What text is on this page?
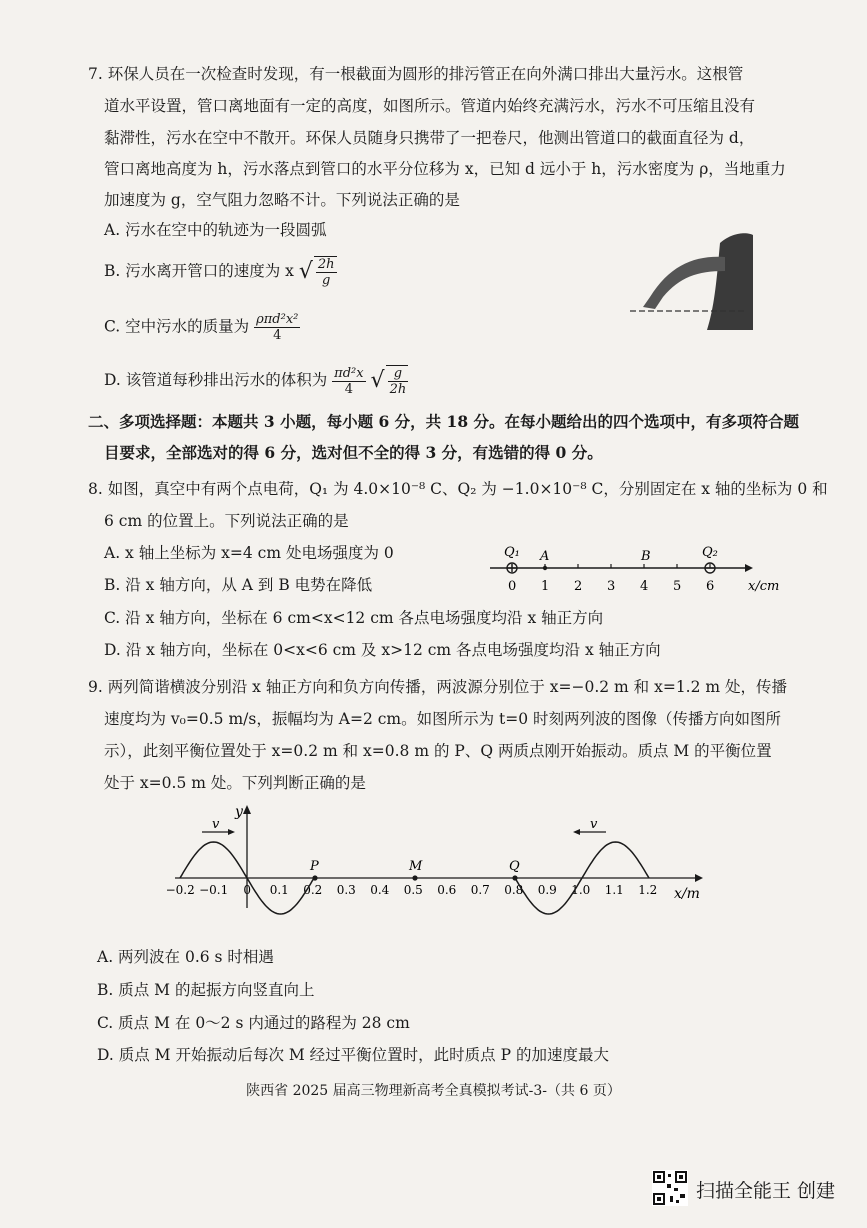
7. 环保人员在一次检查时发现，有一根截面为圆形的排污管正在向外满口排出大量污水。这根管
道水平设置，管口离地面有一定的高度，如图所示。管道内始终充满污水，污水不可压缩且没有
黏滞性，污水在空中不散开。环保人员随身只携带了一把卷尺，他测出管道口的截面直径为 d，
管口离地高度为 h，污水落点到管口的水平分位移为 x，已知 d 远小于 h，污水密度为 ρ，当地重力
加速度为 g，空气阻力忽略不计。下列说法正确的是
A. 污水在空中的轨迹为一段圆弧
B. 污水离开管口的速度为 x √ $\frac{2h}{g}$
C. 空中污水的质量为 $\frac{\text{ρπd²x²}}{4}$
D. 该管道每秒排出污水的体积为 $\frac{\text{πd²x}}{4}$ √ $\frac{g}{2h}$
二、多项选择题：本题共 3 小题，每小题 6 分，共 18 分。在每小题给出的四个选项中，有多项符合题
目要求，全部选对的得 6 分，选对但不全的得 3 分，有选错的得 0 分。
8. 如图，真空中有两个点电荷，Q₁ 为 4.0×10⁻⁸ C、Q₂ 为 −1.0×10⁻⁸ C，分别固定在 x 轴的坐标为 0 和
6 cm 的位置上。下列说法正确的是
A. x 轴上坐标为 x=4 cm 处电场强度为 0
B. 沿 x 轴方向，从 A 到 B 电势在降低
C. 沿 x 轴方向，坐标在 6 cm<x<12 cm 各点电场强度均沿 x 轴正方向
D. 沿 x 轴方向，坐标在 0<x<6 cm 及 x>12 cm 各点电场强度均沿 x 轴正方向
0 1 2 3 4 5 6
Q₁	Q₂
A	B
x/cm
9. 两列简谐横波分别沿 x 轴正方向和负方向传播，两波源分别位于 x=−0.2 m 和 x=1.2 m 处，传播
速度均为 v₀=0.5 m/s，振幅均为 A=2 cm。如图所示为 t=0 时刻两列波的图像（传播方向如图所
示），此刻平衡位置处于 x=0.2 m 和 x=0.8 m 的 P、Q 两质点刚开始振动。质点 M 的平衡位置
处于 x=0.5 m 处。下列判断正确的是
y
x/m
−0.2 −0.1 0 0.1 0.2 0.3 0.4 0.5 0.6 0.7 0.8 0.9 1.0 1.1 1.2
P	M	Q
v	v
A. 两列波在 0.6 s 时相遇
B. 质点 M 的起振方向竖直向上
C. 质点 M 在 0～2 s 内通过的路程为 28 cm
D. 质点 M 开始振动后每次 M 经过平衡位置时，此时质点 P 的加速度最大
陕西省 2025 届高三物理新高考全真模拟考试-3-（共 6 页）
扫描全能王 创建
